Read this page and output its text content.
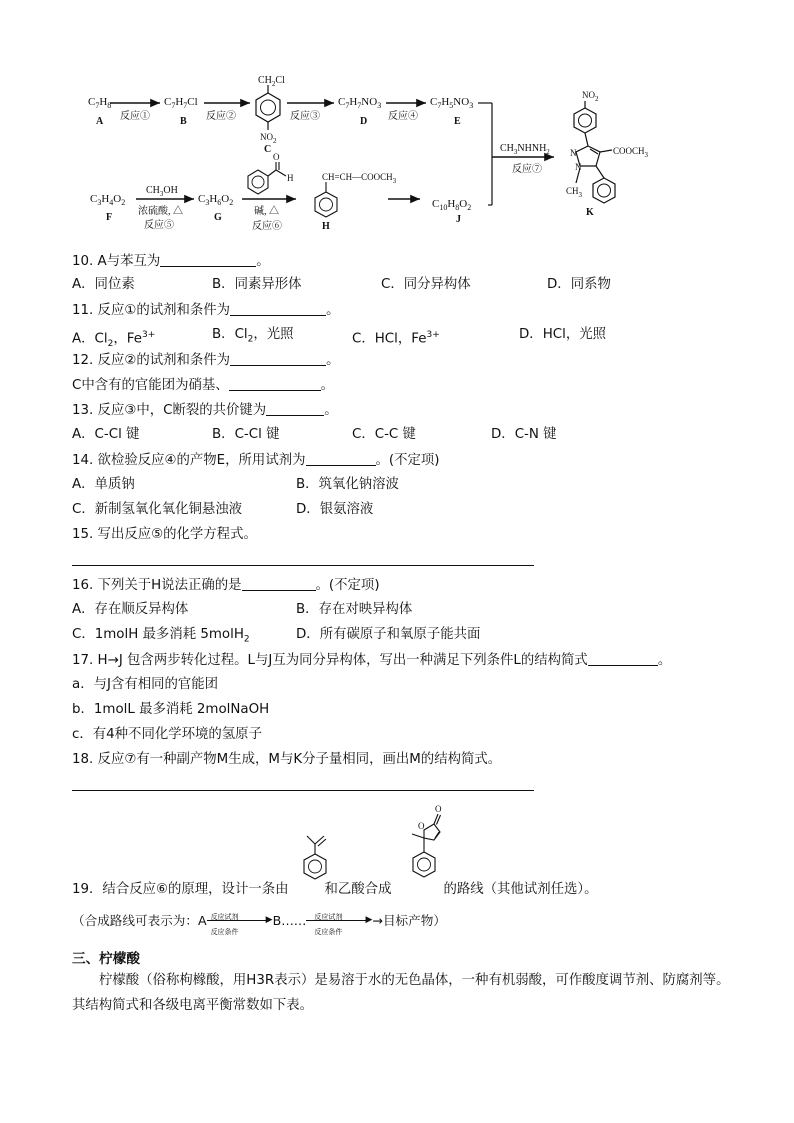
$C_7H_8$
A 反应①
$C_7H_7Cl$
B 反应②
$CH_2Cl$
$NO_2$
C
反应③
$C_7H_7NO_3$
D 反应④
$C_7H_5NO_3$
E
$CH_3NHNH_2$
反应⑦
$NO_2$
$COOCH_3$
N
N
$CH_3$
K
$C_3H_4O_2$
F
$CH_3OH$
浓硫酸, △
反应⑤
$C_3H_6O_2$
G
O
H
碱, △
反应⑥
$CH=CH—COOCH_3$
H
$C_{10}H_8O_2$
J
10. A与苯互为	。
A．同位素	B．同素异形体	C．同分异构体	D．同系物
11. 反应①的试剂和条件为	。
A．$Cl_2$，$Fe^{3+}$	B．$Cl_2$，光照	C．HCl，$Fe^{3+}$	D．HCl，光照
12. 反应②的试剂和条件为	。
C中含有的官能团为硝基、	。
13. 反应③中，C断裂的共价键为	。
A．C-Cl 键	B．C-Cl 键	C．C-C 键	D．C-N 键
14. 欲检验反应④的产物E，所用试剂为	。(不定项)
A．单质钠	B．筑氧化钠溶波
C．新制氢氧化氧化铜悬浊液	D．银氨溶液
15. 写出反应⑤的化学方程式。
16. 下列关于H说法正确的是	。(不定项)
A．存在顺反异构体	B．存在对映异构体
C．1molH 最多消耗 5molH$_2$	D．所有碳原子和氧原子能共面
17. H→J 包含两步转化过程。L与J互为同分异构体，写出一种满足下列条件L的结构简式	。
a．与J含有相同的官能团
b．1molL 最多消耗 2molNaOH
c．有4种不同化学环境的氢原子
18. 反应⑦有一种副产物M生成，M与K分子量相同，画出M的结构简式。
O
O
19．结合反应⑥的原理，设计一条由	和乙酸合成	的路线（其他试剂任选）。
（合成路线可表示为：A 反应试剂	▶
反应条件
B…… 反应试剂	▶
反应条件
→目标产物）
三、柠檬酸
柠檬酸（俗称枸橼酸，用H3R表示）是易溶于水的无色晶体，一种有机弱酸，可作酸度调节剂、防腐剂等。其结构简式和各级电离平衡常数如下表。
